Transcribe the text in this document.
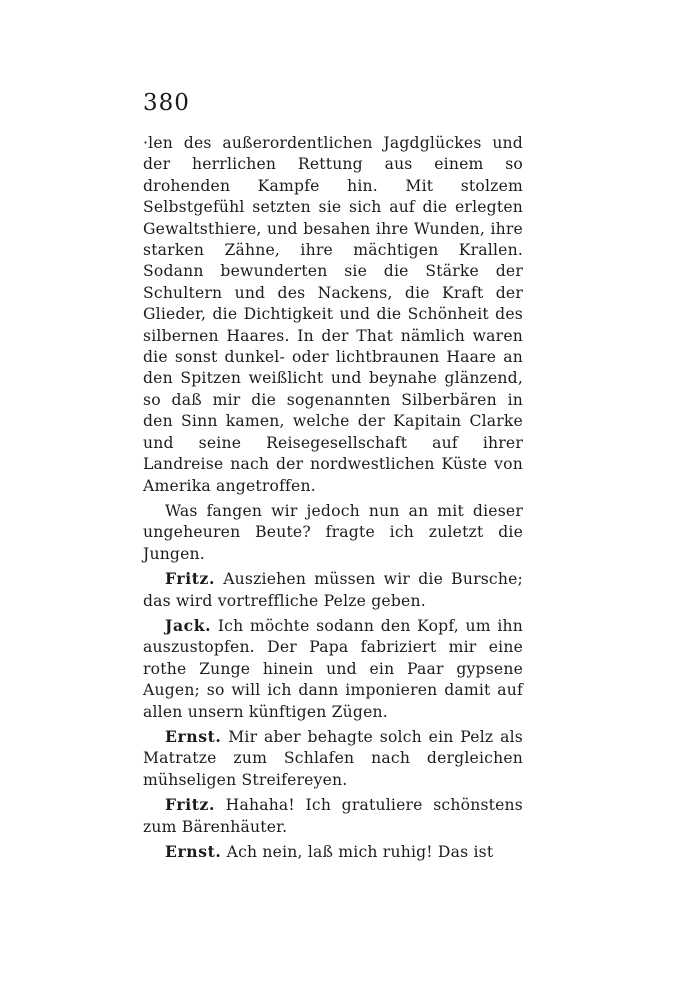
380

·len des außerordentlichen Jagdglückes und der herrlichen Rettung aus einem so drohenden Kampfe hin. Mit stolzem Selbstgefühl setzten sie sich auf die erlegten Gewaltsthiere, und besahen ihre Wunden, ihre starken Zähne, ihre mächtigen Krallen. Sodann bewunderten sie die Stärke der Schultern und des Nackens, die Kraft der Glieder, die Dichtigkeit und die Schönheit des silbernen Haares. In der That nämlich waren die sonst dunkel- oder lichtbraunen Haare an den Spitzen weißlicht und beynahe glänzend, so daß mir die sogenannten Silberbären in den Sinn kamen, welche der Kapitain Clarke und seine Reisegesellschaft auf ihrer Landreise nach der nordwestlichen Küste von Amerika angetroffen.

Was fangen wir jedoch nun an mit dieser ungeheuren Beute? fragte ich zuletzt die Jungen.

Fritz. Ausziehen müssen wir die Bursche; das wird vortreffliche Pelze geben.

Jack. Ich möchte sodann den Kopf, um ihn auszustopfen. Der Papa fabriziert mir eine rothe Zunge hinein und ein Paar gypsene Augen; so will ich dann imponieren damit auf allen unsern künftigen Zügen.

Ernst. Mir aber behagte solch ein Pelz als Matratze zum Schlafen nach dergleichen mühseligen Streifereyen.

Fritz. Hahaha! Ich gratuliere schönstens zum Bärenhäuter.

Ernst. Ach nein, laß mich ruhig! Das ist
